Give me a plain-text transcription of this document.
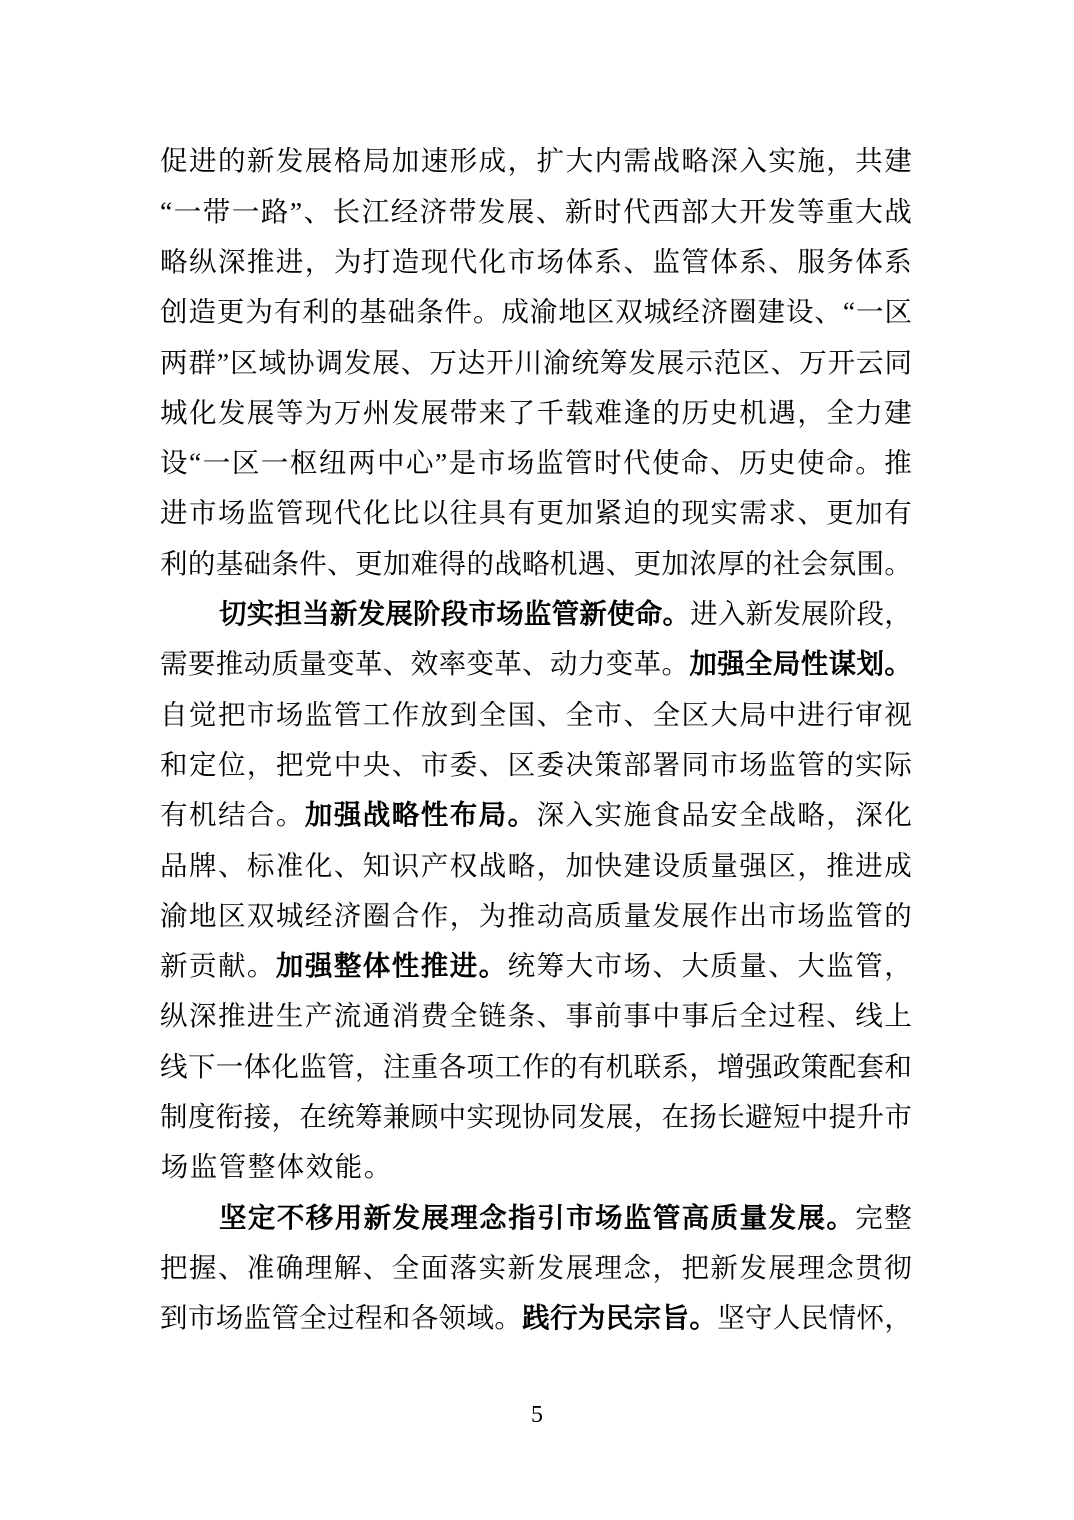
促 进 的 新 发 展 格 局 加 速 形 成 ， 扩 大 内 需 战 略 深 入 实 施 ， 共 建
“ 一 带 一 路 ” 、 长 江 经 济 带 发 展 、 新 时 代 西 部 大 开 发 等 重 大 战
略 纵 深 推 进 ， 为 打 造 现 代 化 市 场 体 系 、 监 管 体 系 、 服 务 体 系
创 造 更 为 有 利 的 基 础 条 件 。 成 渝 地 区 双 城 经 济 圈 建 设 、 “ 一 区
两 群 ” 区 域 协 调 发 展 、 万 达 开 川 渝 统 筹 发 展 示 范 区 、 万 开 云 同
城 化 发 展 等 为 万 州 发 展 带 来 了 千 载 难 逢 的 历 史 机 遇 ， 全 力 建
设 “ 一 区 一 枢 纽 两 中 心 ” 是 市 场 监 管 时 代 使 命 、 历 史 使 命 。 推
进 市 场 监 管 现 代 化 比 以 往 具 有 更 加 紧 迫 的 现 实 需 求 、 更 加 有
利 的 基 础 条 件 、 更 加 难 得 的 战 略 机 遇 、 更 加 浓 厚 的 社 会 氛 围 。
切 实 担 当 新 发 展 阶 段 市 场 监 管 新 使 命 。 进 入 新 发 展 阶 段 ，
需 要 推 动 质 量 变 革 、 效 率 变 革 、 动 力 变 革 。 加 强 全 局 性 谋 划 。
自 觉 把 市 场 监 管 工 作 放 到 全 国 、 全 市 、 全 区 大 局 中 进 行 审 视
和 定 位 ， 把 党 中 央 、 市 委 、 区 委 决 策 部 署 同 市 场 监 管 的 实 际
有 机 结 合 。 加 强 战 略 性 布 局 。 深 入 实 施 食 品 安 全 战 略 ， 深 化
品 牌 、 标 准 化 、 知 识 产 权 战 略 ， 加 快 建 设 质 量 强 区 ， 推 进 成
渝 地 区 双 城 经 济 圈 合 作 ， 为 推 动 高 质 量 发 展 作 出 市 场 监 管 的
新 贡 献 。 加 强 整 体 性 推 进 。 统 筹 大 市 场 、 大 质 量 、 大 监 管 ，
纵 深 推 进 生 产 流 通 消 费 全 链 条 、 事 前 事 中 事 后 全 过 程 、 线 上
线 下 一 体 化 监 管 ， 注 重 各 项 工 作 的 有 机 联 系 ， 增 强 政 策 配 套 和
制 度 衔 接 ， 在 统 筹 兼 顾 中 实 现 协 同 发 展 ， 在 扬 长 避 短 中 提 升 市
场 监 管 整 体 效 能 。
坚 定 不 移 用 新 发 展 理 念 指 引 市 场 监 管 高 质 量 发 展 。 完 整
把 握 、 准 确 理 解 、 全 面 落 实 新 发 展 理 念 ， 把 新 发 展 理 念 贯 彻
到 市 场 监 管 全 过 程 和 各 领 域 。 践 行 为 民 宗 旨 。 坚 守 人 民 情 怀 ，
5
